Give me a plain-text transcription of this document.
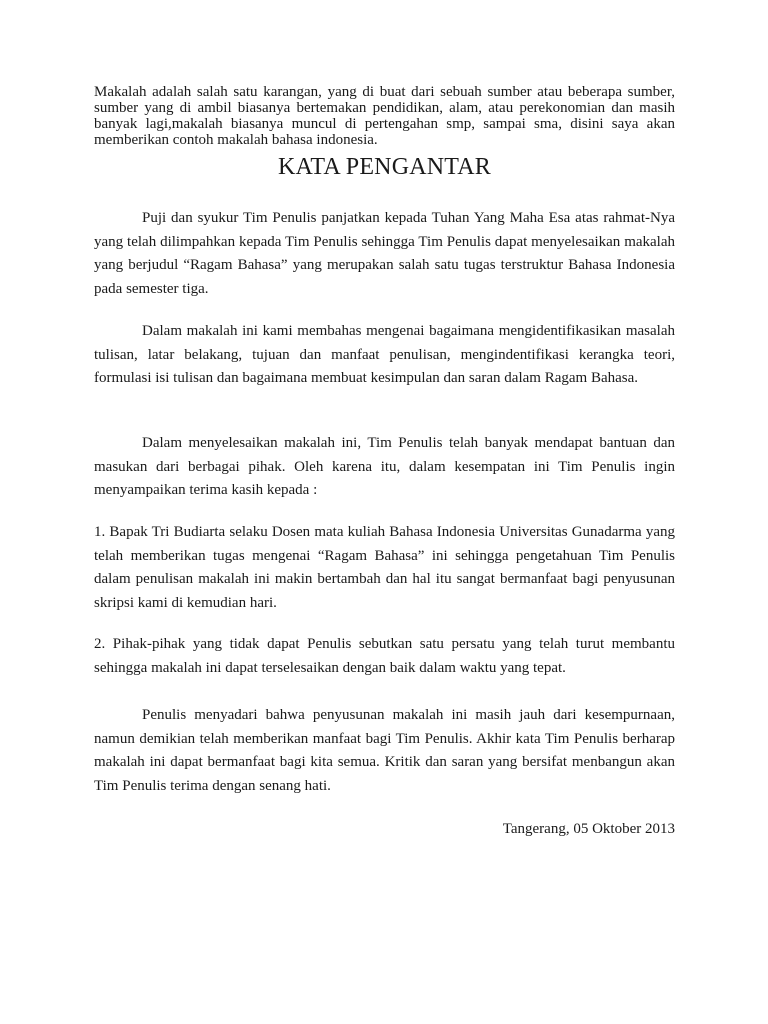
Makalah adalah salah satu karangan, yang di buat dari sebuah sumber atau beberapa sumber, sumber yang di ambil biasanya bertemakan pendidikan, alam, atau perekonomian dan masih banyak lagi,makalah biasanya muncul di pertengahan smp, sampai sma, disini saya akan memberikan contoh makalah bahasa indonesia.

KATA PENGANTAR

Puji dan syukur Tim Penulis panjatkan kepada Tuhan Yang Maha Esa atas rahmat-Nya yang telah dilimpahkan kepada Tim Penulis sehingga Tim Penulis dapat menyelesaikan makalah yang berjudul “Ragam Bahasa” yang merupakan salah satu tugas terstruktur Bahasa Indonesia pada semester tiga.

Dalam makalah ini kami membahas mengenai bagaimana mengidentifikasikan masalah tulisan, latar belakang, tujuan dan manfaat penulisan, mengindentifikasi kerangka teori, formulasi isi tulisan dan bagaimana membuat kesimpulan dan saran dalam Ragam Bahasa.

Dalam menyelesaikan makalah ini, Tim Penulis telah banyak mendapat bantuan dan masukan dari berbagai pihak. Oleh karena itu, dalam kesempatan ini Tim Penulis ingin menyampaikan terima kasih kepada :

1. Bapak Tri Budiarta selaku Dosen mata kuliah Bahasa Indonesia Universitas Gunadarma yang telah memberikan tugas mengenai “Ragam Bahasa” ini sehingga pengetahuan Tim Penulis dalam penulisan makalah ini makin bertambah dan hal itu sangat bermanfaat bagi penyusunan skripsi kami di kemudian hari.

2. Pihak-pihak yang tidak dapat Penulis sebutkan satu persatu yang telah turut membantu sehingga makalah ini dapat terselesaikan dengan baik dalam waktu yang tepat.

Penulis menyadari bahwa penyusunan makalah ini masih jauh dari kesempurnaan, namun demikian telah memberikan manfaat bagi Tim Penulis. Akhir kata Tim Penulis berharap makalah ini dapat bermanfaat bagi kita semua. Kritik dan saran yang bersifat menbangun akan Tim Penulis terima dengan senang hati.

Tangerang, 05 Oktober 2013
